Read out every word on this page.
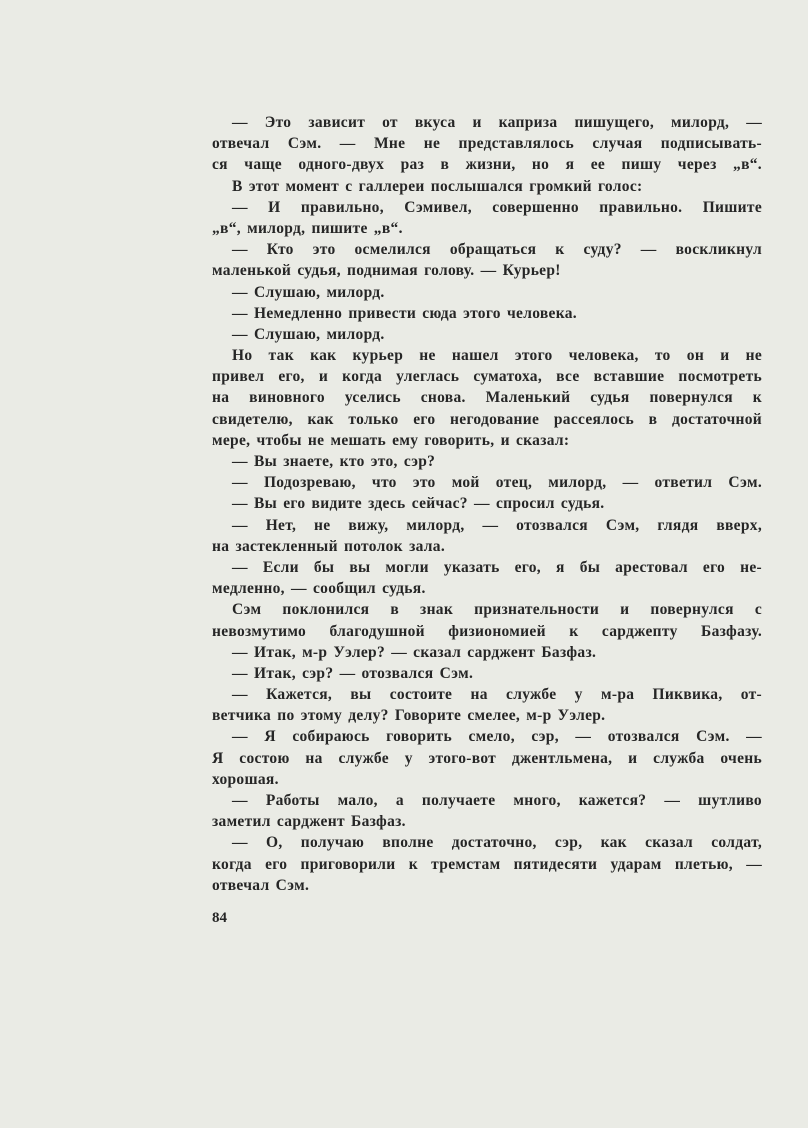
— Это зависит от вкуса и каприза пишущего, милорд, —
отвечал Сэм. — Мне не представлялось случая подписывать-
ся чаще одного-двух раз в жизни, но я ее пишу через „в“.
В этот момент с галлереи послышался громкий голос:
— И правильно, Сэмивел, совершенно правильно. Пишите
„в“, милорд, пишите „в“.
— Кто это осмелился обращаться к суду? — воскликнул
маленькой судья, поднимая голову. — Курьер!
— Слушаю, милорд.
— Немедленно привести сюда этого человека.
— Слушаю, милорд.
Но так как курьер не нашел этого человека, то он и не
привел его, и когда улеглась суматоха, все вставшие посмотреть
на виновного уселись снова. Маленький судья повернулся к
свидетелю, как только его негодование рассеялось в достаточной
мере, чтобы не мешать ему говорить, и сказал:
— Вы знаете, кто это, сэр?
— Подозреваю, что это мой отец, милорд, — ответил Сэм.
— Вы его видите здесь сейчас? — спросил судья.
— Нет, не вижу, милорд, — отозвался Сэм, глядя вверх,
на застекленный потолок зала.
— Если бы вы могли указать его, я бы арестовал его не-
медленно, — сообщил судья.
Сэм поклонился в знак признательности и повернулся с
невозмутимо благодушной физиономией к сарджепту Базфазу.
— Итак, м-р Уэлер? — сказал сарджент Базфаз.
— Итак, сэр? — отозвался Сэм.
— Кажется, вы состоите на службе у м-ра Пиквика, от-
ветчика по этому делу? Говорите смелее, м-р Уэлер.
— Я собираюсь говорить смело, сэр, — отозвался Сэм. —
Я состою на службе у этого-вот джентльмена, и служба очень
хорошая.
— Работы мало, а получаете много, кажется? — шутливо
заметил сарджент Базфаз.
— О, получаю вполне достаточно, сэр, как сказал солдат,
когда его приговорили к тремстам пятидесяти ударам плетью, —
отвечал Сэм.
84
